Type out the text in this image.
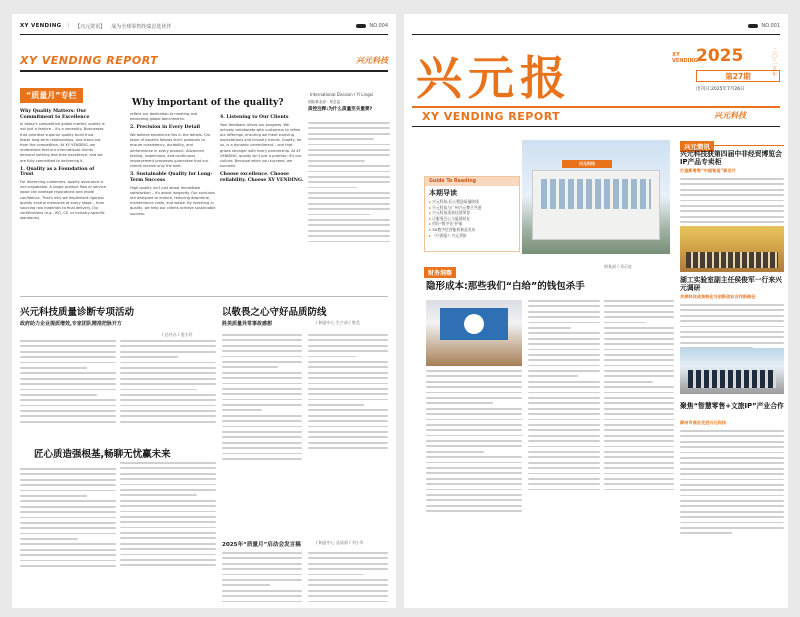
XY VENDING | 【兴元资讯】 成为全球零售终端首选伙伴	NO.004
XY VENDING REPORT	兴元科技
“质量月”专栏
Why important of the quality?
International Division / Yi Lingxi
Why Quality Matters: Our Commitment to Excellence

In today's competitive global market, quality is not just a feature – it's a necessity. Businesses that prioritize superior quality build trust, foster long-term relationships, and stand out from the competition. At XY VENDING, we understand that our international clients demand nothing less than excellence, and we are fully committed to delivering it.

1. Quality as a Foundation of Trust

For discerning customers, quality assurance is non-negotiable. A single product flaw or service lapse can damage reputations and erode confidence. That's why we implement rigorous quality control measures at every stage – from sourcing raw materials to final delivery. Our certifications (e.g., ISO, CE, or industry-specific standards)

reflect our dedication to meeting and exceeding global benchmarks.

2. Precision in Every Detail

We believe excellence lies in the details. Our team of experts follows strict protocols to ensure consistency, durability, and performance in every product. Advanced testing, inspections, and continuous improvement processes guarantee that our clients receive only the best.

3. Sustainable Quality for Long-Term Success

High quality isn't just about immediate satisfaction – it's about longevity. Our solutions are designed to endure, reducing downtime, maintenance costs, and waste. By investing in quality, we help our clients achieve sustainable success.

4. Listening to Our Clients

Your feedback drives our progress. We actively collaborate with customers to refine our offerings, ensuring we meet evolving expectations and industry trends. Quality, for us, is a dynamic commitment – one that grows stronger with every partnership. At XY VENDING, quality isn't just a promise; it's our culture. Because when you succeed, we succeed.

Choose excellence. Choose reliability. Choose XY VENDING.
国际事业部 · 易总监
质控注释:为什么质量至关重要?
兴元科技质量诊断专项活动
政府助力企业提质增效,专家团队精准把脉开方
/ 总经办 / 裴小玲
以敬畏之心守好品质防线
胜美质量异常事故感想	/ 制造中心 生产部 / 胜美
匠心质造强根基,畅聊无忧赢未来
2025年“质量月”启动会发言稿	/ 制造中心 品质部 / 刘小军
NO.001
兴元报	XY VENDING
2025	二〇二五年
第27期
出刊日:2025年7月26日
XY VENDING REPORT	兴元科技
Guide To Reading
本期导读
▸ 兴元科技:匠心塑造质量防线
▸ 兴元科技与广州兴元携手共进
▸ 兴元科技再获佳绩荣誉
▸ 让服务艺心与温情同在
▸ 用好“数字化”护航
▸ 3D数字化智能柜新品发布
▸ 《兴源报》· 兴元赏析
兴元科技
兴元简讯
兴元科技获第四届中非经贸博览会IP产品专卖柜
打造新零售“中国智造”新名片
湖工实验室副主任侯俊军一行来兴元调研
共探科技成果转化与创新创业合作新路径
聚焦“智慧零售+文旅IP”产业合作
柳州市商会走进兴元科技
财务洞察
财务部 / 邓石泉
隐形成本:那些我们“白给”的钱包杀手
